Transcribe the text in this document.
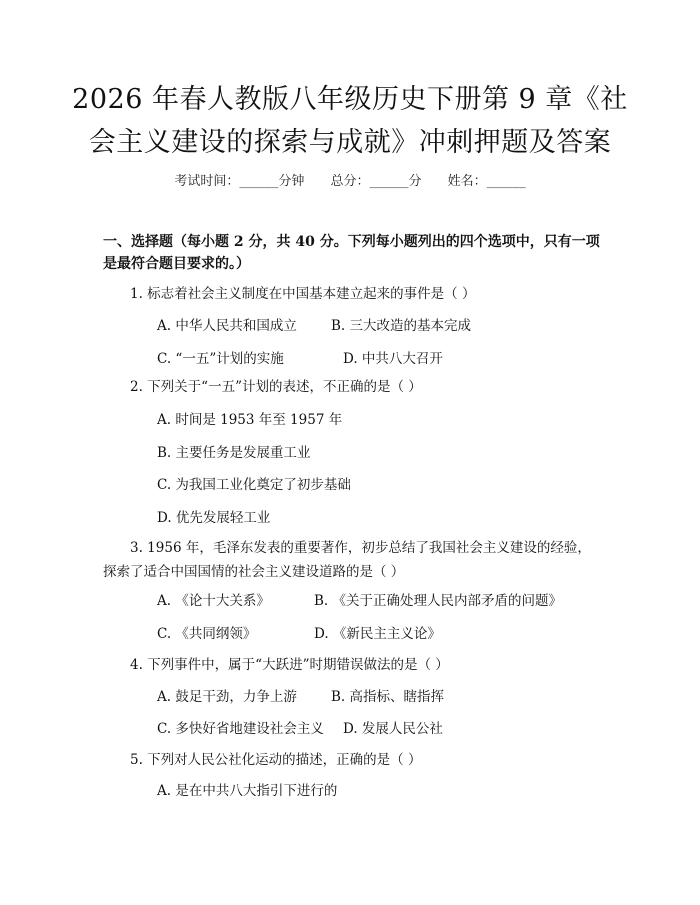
2026 年春人教版八年级历史下册第 9 章《社
会主义建设的探索与成就》冲刺押题及答案
考试时间：______分钟 总分：______分 姓名：______
一、选择题（每小题 2 分，共 40 分。下列每小题列出的四个选项中，只有一项是最符合题目要求的。）
1. 标志着社会主义制度在中国基本建立起来的事件是（ ）
A. 中华人民共和国成立	B. 三大改造的基本完成
C. “一五”计划的实施	D. 中共八大召开
2. 下列关于“一五”计划的表述，不正确的是（ ）
A. 时间是 1953 年至 1957 年
B. 主要任务是发展重工业
C. 为我国工业化奠定了初步基础
D. 优先发展轻工业
3. 1956 年，毛泽东发表的重要著作，初步总结了我国社会主义建设的经验，
探索了适合中国国情的社会主义建设道路的是（ ）
A. 《论十大关系》	B. 《关于正确处理人民内部矛盾的问题》
C. 《共同纲领》	D. 《新民主主义论》
4. 下列事件中，属于“大跃进”时期错误做法的是（ ）
A. 鼓足干劲，力争上游	B. 高指标、瞎指挥
C. 多快好省地建设社会主义 D. 发展人民公社
5. 下列对人民公社化运动的描述，正确的是（ ）
A. 是在中共八大指引下进行的
